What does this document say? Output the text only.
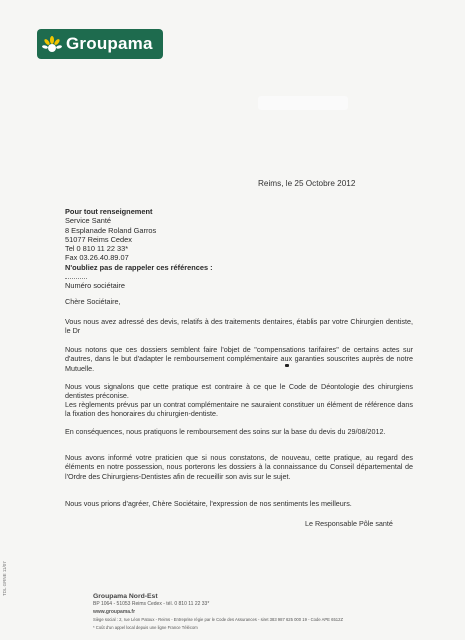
Groupama
Reims, le 25 Octobre 2012
Pour tout renseignement
Service Santé
8 Esplanade Roland Garros
51077 Reims Cedex
Tel 0 810 11 22 33*
Fax 03.26.40.89.07
N'oubliez pas de rappeler ces références :
Numéro sociétaire
Chère Sociétaire,
Vous nous avez adressé des devis, relatifs à des traitements dentaires, établis par votre Chirurgien dentiste, le Dr
Nous notons que ces dossiers semblent faire l'objet de "compensations tarifaires" de certains actes sur d'autres, dans le but d'adapter le remboursement complémentaire aux garanties souscrites auprès de notre Mutuelle.
Nous vous signalons que cette pratique est contraire à ce que le Code de Déontologie des chirurgiens dentistes préconise.
Les règlements prévus par un contrat complémentaire ne sauraient constituer un élément de référence dans la fixation des honoraires du chirurgien-dentiste.
En conséquences, nous pratiquons le remboursement des soins sur la base du devis du 29/08/2012.
Nous avons informé votre praticien que si nous constatons, de nouveau, cette pratique, au regard des éléments en notre possession, nous porterons les dossiers à la connaissance du Conseil départemental de l'Ordre des Chirurgiens-Dentistes afin de recueillir son avis sur le sujet.
Nous vous prions d'agréer, Chère Sociétaire, l'expression de nos sentiments les meilleurs.
Le Responsable Pôle santé
TDL GRNE 11/07
Groupama Nord-Est
BP 1064 - 51053 Reims Cedex - tél. 0 810 11 22 33*
www.groupama.fr
Siège social : 2, rue Léon Patoux - Reims - Entreprise régie par le Code des Assurances - siret 383 987 625 000 19 - Code APE 6512Z
* Coût d'un appel local depuis une ligne France Télécom
